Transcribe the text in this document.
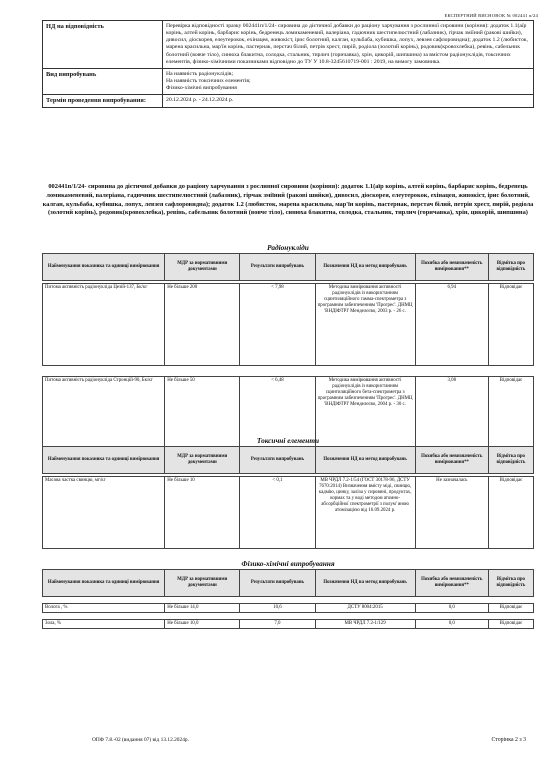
ЕКСПЕРТНИЙ ВИСНОВОК № 002441 п/24
НД на відповідність	Перевірка відповідності зразку 002441п/1/24- сировина до дієтичної добавки до раціону харчування з рослинної сировини (коріння): додаток 1.1(аїр корінь, алтей корінь, барбарис корінь, бедренець ломикаменевий, валеріана, гадючник шестипелюстний (лабазник), гірчак зміїний (ракові шийки), дивосил, діоскорея, елеутерокок, ехінацея, живокіст, ірис болотний, калган, кульбаба, кубишка, лопух, левзея сафлоровидна); додаток 1.2 (любисток, марена красильна, мар'їн корінь, пастернак, перстач білий, петрів хрест, пирій, родіола (золотий корінь), родовик(кровохлебка), ревінь, сабельник болотний (вовче тіло), синюха блакитна, солодка, стальник, тирлич (горичавка), хрін, цикорій, шипшина) за вмістом радіонуклідів, токсичних елементів, фізико-хімічними показниками відповідно до ТУ У 10.8-3245610719-001 : 2019, на вимогу замовника.

Вид випробувань	На наявність радіонуклідів;
На наявність токсичних елементів;
Фізико-хімічні випробування

Термін проведення випробування:	20.12.2024 р. - 24.12.2024 р.
002441п/1/24- сировина до дієтичної добавки до раціону харчування з рослинної сировини (коріння): додаток 1.1(аїр корінь, алтей корінь, барбарис корінь, бедренець ломикаменевий, валеріана, гадючник шестипелюстний (лабазник), гірчак зміїний (ракові шийки), дивосил, діоскорея, елеутерокок, ехінацея, живокіст, ірис болотний, калган, кульбаба, кубишка, лопух, левзея сафлоровидна); додаток 1.2 (любисток, марена красильна, мар'їн корінь, пастернак, перстач білий, петрів хрест, пирій, родіола (золотий корінь), родовик(кровохлебка), ревінь, сабельник болотний (вовче тіло), синюха блакитна, солодка, стальник, тирлич (горичавка), хрін, цикорій, шипшина)
Радіонукліди
Найменування показника та одиниці вимірювання	МДР за нормативними документами	Результати випробувань	Позначення НД на метод випробувань	Похибка або невизначеність вимірювання**	Відмітка про відповідність

Питома активність радіонукліда Цезій-137, Бк/кг	Не більше 200	< 7,98	Методика вимірювання активності радіонуклідів із використанням сцинтиляційного гамма-спектрометра з програмним забезпеченням 'Прогрес'. ДНМЦ 'ВНДІФТРІ' Менделєєво, 2003 р. - 26 с.	6,94	Відповідає

Питома активність радіонукліда Стронцій-90, Бк/кг	Не більше 50	< 6,48	Методика вимірювання активності радіонуклідів із використанням сцинтиляційного бета-спектрометра з програмним забезпеченням 'Прогрес'. ДНМЦ 'ВНДІФТРІ' Менделєєво, 2004 р. - 30 с.	3,08	Відповідає
Токсичні елементи
Найменування показника та одиниці вимірювання	МДР за нормативними документами	Результати випробувань	Позначення НД на метод випробувань	Похибка або невизначеність вимірювання**	Відмітка про відповідність

Масова частка свинцю, мг/кг	Не більше 10	< 0,1	МВ ЧРДЛ 7.2-1/54 (ГОСТ 30178-96, ДСТУ 7670:2014) Визначення вмісту міді, свинцю, кадмію, цинку, заліза у сировині, продуктах, кормах та у воді методом атомно-абсорбційної спектрометрії з полум' яною атомізацією від 16.09.2024 р.	Не зазначалась	Відповідає
Фізико-хімічні випробування
Найменування показника та одиниці вимірювання	МДР за нормативними документами	Результати випробувань	Позначення НД на метод випробувань	Похибка або невизначеність вимірювання**	Відмітка про відповідність

Волога , %	Не більше 14,0	10,6	ДСТУ 8004:2015	0,0	Відповідає

Зола, %	Не більше 10,0	7,0	МВ ЧРДЛ 7.2-1/129	0,0	Відповідає
ОПФ 7.8.-02 (видання 07) від 13.12.2024р.	Сторінка 2 з 3
